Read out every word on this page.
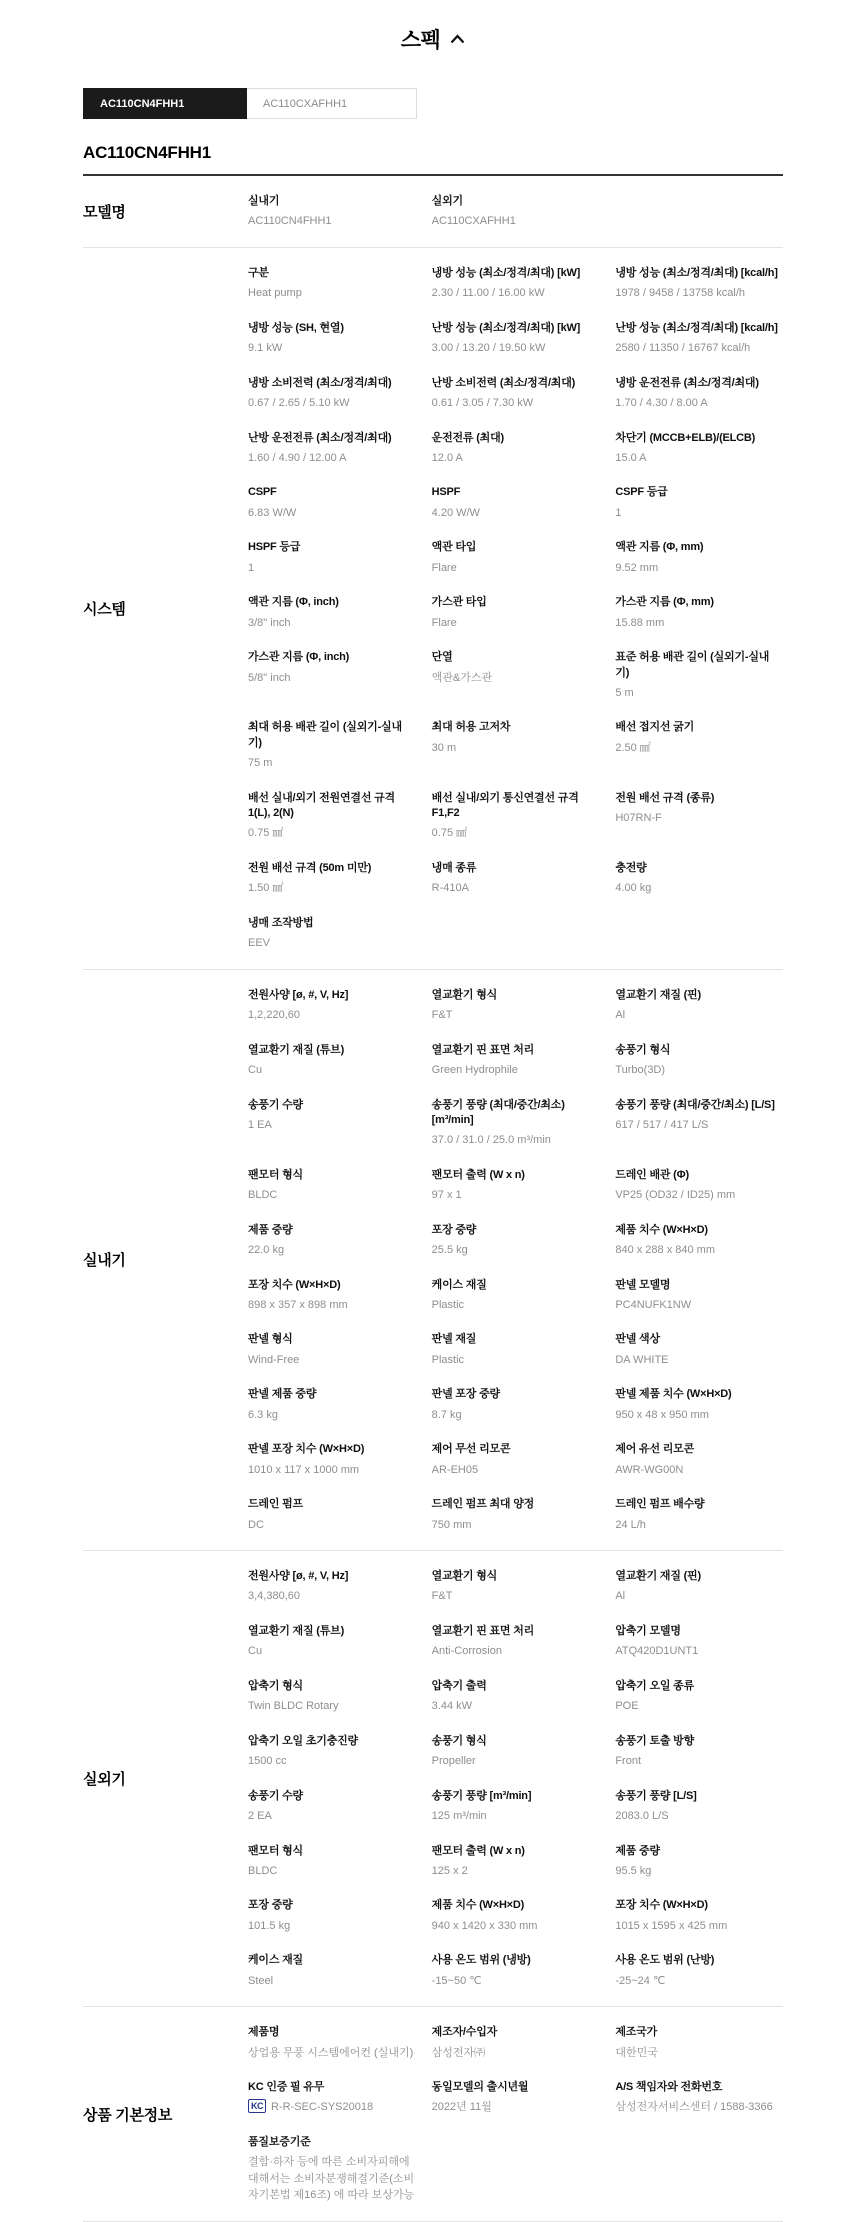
스펙
AC110CN4FHH1	AC110CXAFHH1
AC110CN4FHH1
모델명
실내기
AC110CN4FHH1
실외기
AC110CXAFHH1
시스템
구분
Heat pump
냉방 성능 (최소/정격/최대) [kW]
2.30 / 11.00 / 16.00 kW
냉방 성능 (최소/정격/최대) [kcal/h]
1978 / 9458 / 13758 kcal/h
냉방 성능 (SH, 현열)
9.1 kW
난방 성능 (최소/정격/최대) [kW]
3.00 / 13.20 / 19.50 kW
난방 성능 (최소/정격/최대) [kcal/h]
2580 / 11350 / 16767 kcal/h
냉방 소비전력 (최소/정격/최대)
0.67 / 2.65 / 5.10 kW
난방 소비전력 (최소/정격/최대)
0.61 / 3.05 / 7.30 kW
냉방 운전전류 (최소/정격/최대)
1.70 / 4.30 / 8.00 A
난방 운전전류 (최소/정격/최대)
1.60 / 4.90 / 12.00 A
운전전류 (최대)
12.0 A
차단기 (MCCB+ELB)/(ELCB)
15.0 A
CSPF
6.83 W/W
HSPF
4.20 W/W
CSPF 등급
1
HSPF 등급
1
액관 타입
Flare
액관 지름 (Φ, mm)
9.52 mm
액관 지름 (Φ, inch)
3/8" inch
가스관 타입
Flare
가스관 지름 (Φ, mm)
15.88 mm
가스관 지름 (Φ, inch)
5/8" inch
단열
액관&가스관
표준 허용 배관 길이 (실외기-실내기)
5 m
최대 허용 배관 길이 (실외기-실내기)
75 m
최대 허용 고저차
30 m
배선 접지선 굵기
2.50 ㎟
배선 실내/외기 전원연결선 규격 1(L), 2(N)
0.75 ㎟
배선 실내/외기 통신연결선 규격 F1,F2
0.75 ㎟
전원 배선 규격 (종류)
H07RN-F
전원 배선 규격 (50m 미만)
1.50 ㎟
냉매 종류
R-410A
충전량
4.00 kg
냉매 조작방법
EEV
실내기
전원사양 [ø, #, V, Hz]
1,2,220,60
열교환기 형식
F&T
열교환기 재질 (핀)
Al
열교환기 재질 (튜브)
Cu
열교환기 핀 표면 처리
Green Hydrophile
송풍기 형식
Turbo(3D)
송풍기 수량
1 EA
송풍기 풍량 (최대/중간/최소) [m³/min]
37.0 / 31.0 / 25.0 m³/min
송풍기 풍량 (최대/중간/최소) [L/S]
617 / 517 / 417 L/S
팬모터 형식
BLDC
팬모터 출력 (W x n)
97 x 1
드레인 배관 (Φ)
VP25 (OD32 / ID25) mm
제품 중량
22.0 kg
포장 중량
25.5 kg
제품 치수 (W×H×D)
840 x 288 x 840 mm
포장 치수 (W×H×D)
898 x 357 x 898 mm
케이스 재질
Plastic
판넬 모델명
PC4NUFK1NW
판넬 형식
Wind-Free
판넬 재질
Plastic
판넬 색상
DA WHITE
판넬 제품 중량
6.3 kg
판넬 포장 중량
8.7 kg
판넬 제품 치수 (W×H×D)
950 x 48 x 950 mm
판넬 포장 치수 (W×H×D)
1010 x 117 x 1000 mm
제어 무선 리모콘
AR-EH05
제어 유선 리모콘
AWR-WG00N
드레인 펌프
DC
드레인 펌프 최대 양정
750 mm
드레인 펌프 배수량
24 L/h
실외기
전원사양 [ø, #, V, Hz]
3,4,380,60
열교환기 형식
F&T
열교환기 재질 (핀)
Al
열교환기 재질 (튜브)
Cu
열교환기 핀 표면 처리
Anti-Corrosion
압축기 모델명
ATQ420D1UNT1
압축기 형식
Twin BLDC Rotary
압축기 출력
3.44 kW
압축기 오일 종류
POE
압축기 오일 초기충진량
1500 cc
송풍기 형식
Propeller
송풍기 토출 방향
Front
송풍기 수량
2 EA
송풍기 풍량 [m³/min]
125 m³/min
송풍기 풍량 [L/S]
2083.0 L/S
팬모터 형식
BLDC
팬모터 출력 (W x n)
125 x 2
제품 중량
95.5 kg
포장 중량
101.5 kg
제품 치수 (W×H×D)
940 x 1420 x 330 mm
포장 치수 (W×H×D)
1015 x 1595 x 425 mm
케이스 재질
Steel
사용 온도 범위 (냉방)
-15~50 ℃
사용 온도 범위 (난방)
-25~24 ℃
상품 기본정보
제품명
상업용 무풍 시스템에어컨 (실내기)
제조자/수입자
삼성전자㈜
제조국가
대한민국
KC 인증 필 유무
KC R-R-SEC-SYS20018
동일모델의 출시년월
2022년 11월
A/S 책임자와 전화번호
삼성전자서비스센터 / 1588-3366
품질보증기준
결함·하자 등에 따른 소비자피해에 대해서는 소비자분쟁해결기준(소비자기본법 제16조) 에 따라 보상가능
